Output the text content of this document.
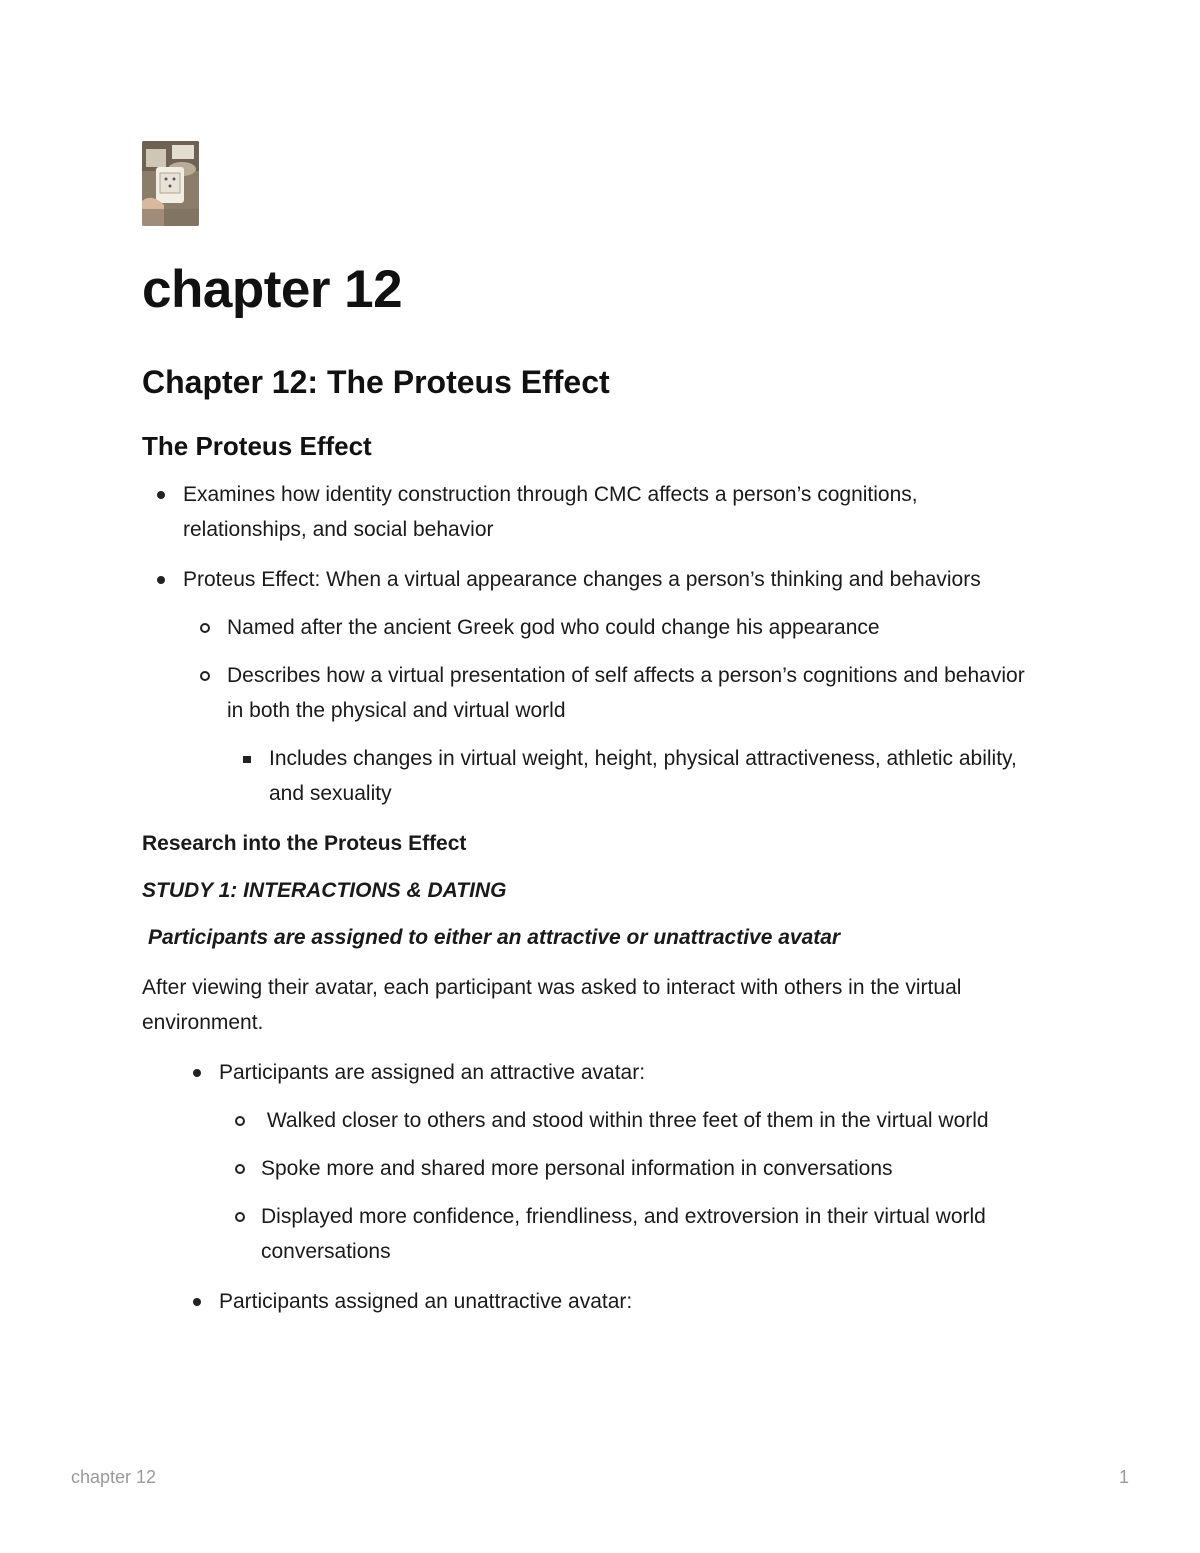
chapter 12
Chapter 12: The Proteus Effect
The Proteus Effect
Examines how identity construction through CMC affects a person’s cognitions, relationships, and social behavior
Proteus Effect: When a virtual appearance changes a person’s thinking and behaviors
Named after the ancient Greek god who could change his appearance
Describes how a virtual presentation of self affects a person’s cognitions and behavior in both the physical and virtual world
Includes changes in virtual weight, height, physical attractiveness, athletic ability, and sexuality

Research into the Proteus Effect

STUDY 1: INTERACTIONS & DATING

Participants are assigned to either an attractive or unattractive avatar

After viewing their avatar, each participant was asked to interact with others in the virtual environment.

Participants are assigned an attractive avatar:
Walked closer to others and stood within three feet of them in the virtual world
Spoke more and shared more personal information in conversations
Displayed more confidence, friendliness, and extroversion in their virtual world conversations
Participants assigned an unattractive avatar:
chapter 12	1
